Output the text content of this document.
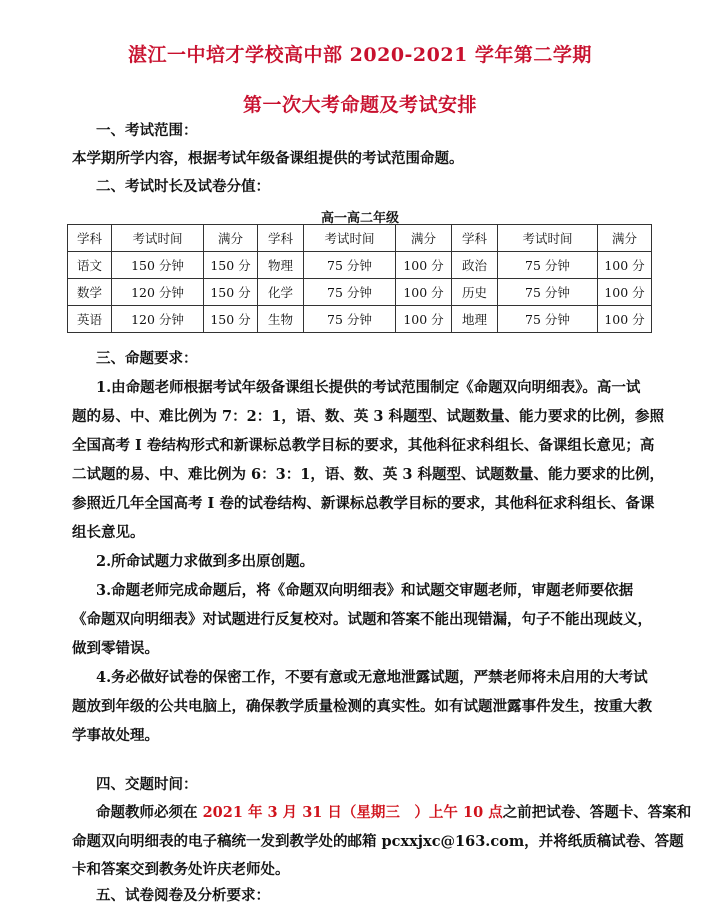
湛江一中培才学校高中部 2020-2021 学年第二学期
第一次大考命题及考试安排
一、考试范围：
本学期所学内容，根据考试年级备课组提供的考试范围命题。
二、考试时长及试卷分值：
高一高二年级
学科	考试时间	满分	学科	考试时间	满分	学科	考试时间	满分
语文	150 分钟	150 分	物理	75 分钟	100 分	政治	75 分钟	100 分
数学	120 分钟	150 分	化学	75 分钟	100 分	历史	75 分钟	100 分
英语	120 分钟	150 分	生物	75 分钟	100 分	地理	75 分钟	100 分
三、命题要求：
1.由命题老师根据考试年级备课组长提供的考试范围制定《命题双向明细表》。高一试
题的易、中、难比例为 7：2：1，语、数、英 3 科题型、试题数量、能力要求的比例，参照
全国高考 I 卷结构形式和新课标总教学目标的要求，其他科征求科组长、备课组长意见；高
二试题的易、中、难比例为 6：3：1，语、数、英 3 科题型、试题数量、能力要求的比例，
参照近几年全国高考 I 卷的试卷结构、新课标总教学目标的要求，其他科征求科组长、备课
组长意见。
2.所命试题力求做到多出原创题。
3.命题老师完成命题后，将《命题双向明细表》和试题交审题老师，审题老师要依据
《命题双向明细表》对试题进行反复校对。试题和答案不能出现错漏，句子不能出现歧义，
做到零错误。
4.务必做好试卷的保密工作，不要有意或无意地泄露试题，严禁老师将未启用的大考试
题放到年级的公共电脑上，确保教学质量检测的真实性。如有试题泄露事件发生，按重大教
学事故处理。
四、交题时间：
命题教师必须在 2021 年 3 月 31 日（星期三　）上午 10 点之前把试卷、答题卡、答案和
命题双向明细表的电子稿统一发到教学处的邮箱 pcxxjxc@163.com，并将纸质稿试卷、答题
卡和答案交到教务处许庆老师处。
五、试卷阅卷及分析要求：
